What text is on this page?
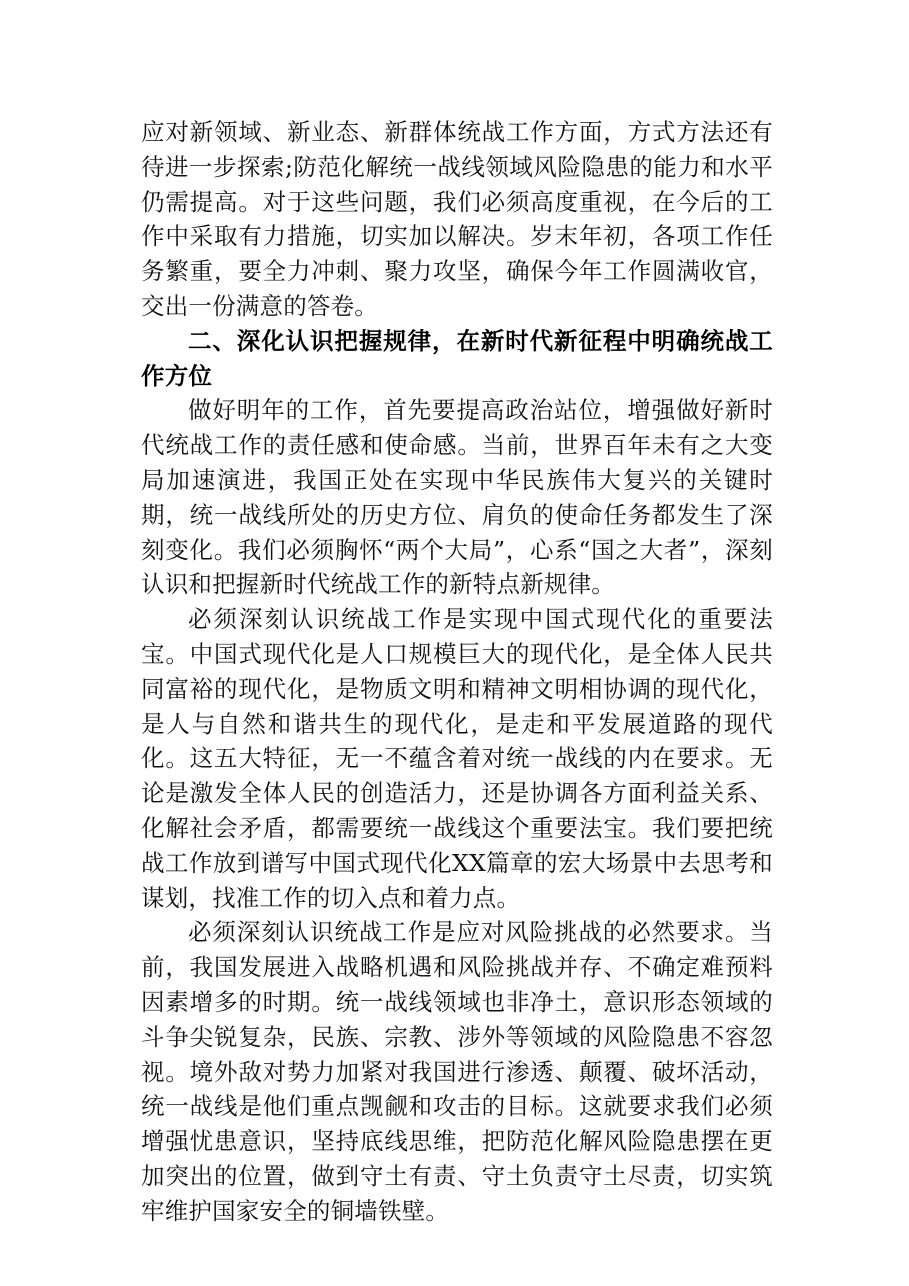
应对新领域、新业态、新群体统战工作方面，方式方法还有待进一步探索;防范化解统一战线领域风险隐患的能力和水平仍需提高。对于这些问题，我们必须高度重视，在今后的工作中采取有力措施，切实加以解决。岁末年初，各项工作任务繁重，要全力冲刺、聚力攻坚，确保今年工作圆满收官，交出一份满意的答卷。

二、深化认识把握规律，在新时代新征程中明确统战工作方位

做好明年的工作，首先要提高政治站位，增强做好新时代统战工作的责任感和使命感。当前，世界百年未有之大变局加速演进，我国正处在实现中华民族伟大复兴的关键时期，统一战线所处的历史方位、肩负的使命任务都发生了深刻变化。我们必须胸怀“两个大局”，心系“国之大者”，深刻认识和把握新时代统战工作的新特点新规律。

必须深刻认识统战工作是实现中国式现代化的重要法宝。中国式现代化是人口规模巨大的现代化，是全体人民共同富裕的现代化，是物质文明和精神文明相协调的现代化，是人与自然和谐共生的现代化，是走和平发展道路的现代化。这五大特征，无一不蕴含着对统一战线的内在要求。无论是激发全体人民的创造活力，还是协调各方面利益关系、化解社会矛盾，都需要统一战线这个重要法宝。我们要把统战工作放到谱写中国式现代化XX篇章的宏大场景中去思考和谋划，找准工作的切入点和着力点。

必须深刻认识统战工作是应对风险挑战的必然要求。当前，我国发展进入战略机遇和风险挑战并存、不确定难预料因素增多的时期。统一战线领域也非净土，意识形态领域的斗争尖锐复杂，民族、宗教、涉外等领域的风险隐患不容忽视。境外敌对势力加紧对我国进行渗透、颠覆、破坏活动，统一战线是他们重点觊觎和攻击的目标。这就要求我们必须增强忧患意识，坚持底线思维，把防范化解风险隐患摆在更加突出的位置，做到守土有责、守土负责守土尽责，切实筑牢维护国家安全的铜墙铁壁。
